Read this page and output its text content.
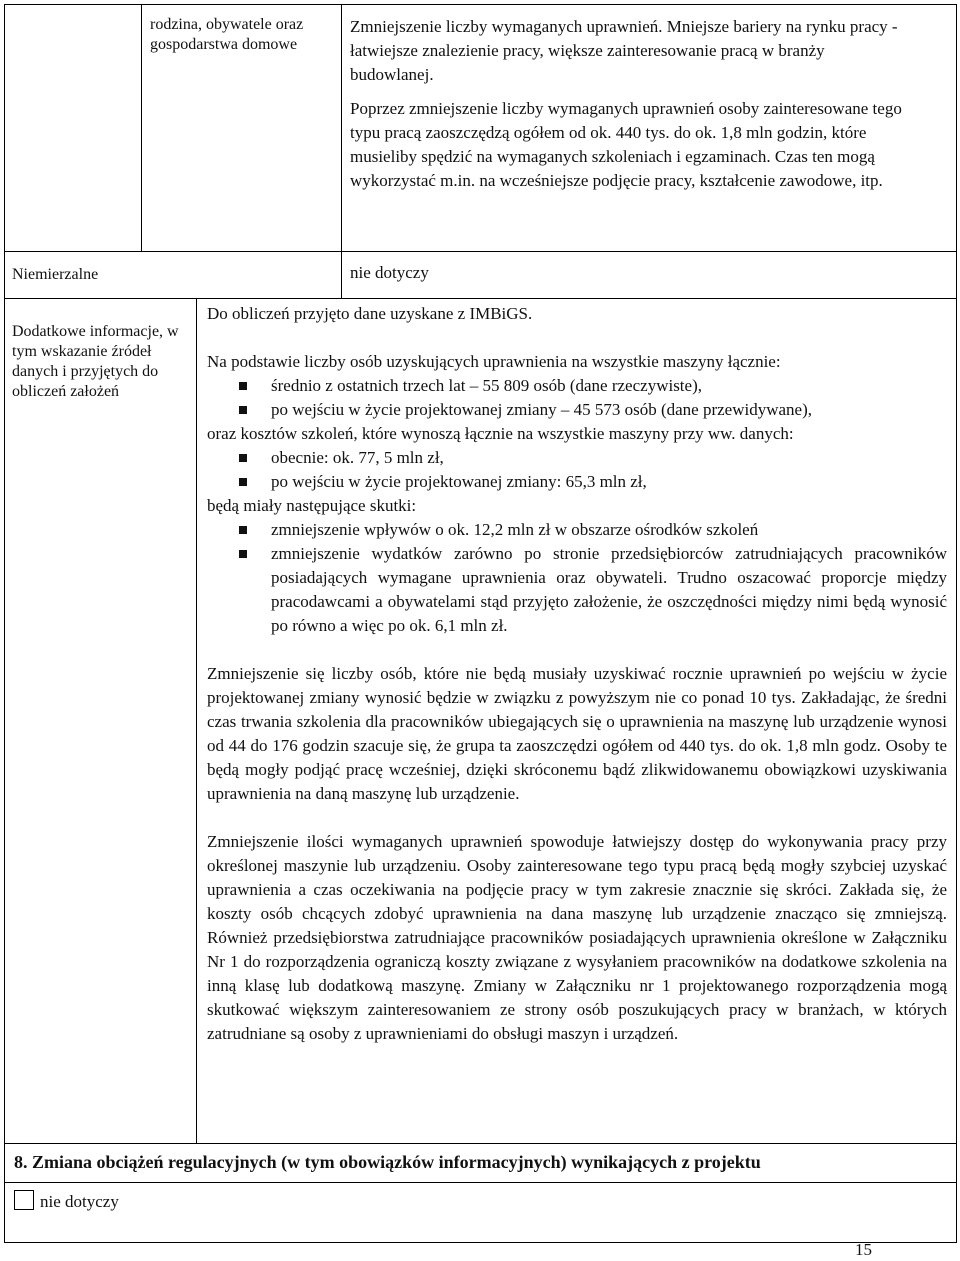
rodzina, obywatele oraz gospodarstwa domowe

Zmniejszenie liczby wymaganych uprawnień. Mniejsze bariery na rynku pracy - łatwiejsze znalezienie pracy, większe zainteresowanie pracą w branży budowlanej.

Poprzez zmniejszenie liczby wymaganych uprawnień osoby zainteresowane tego typu pracą zaoszczędzą ogółem od ok. 440 tys. do ok. 1,8 mln godzin, które musieliby spędzić na wymaganych szkoleniach i egzaminach. Czas ten mogą wykorzystać m.in. na wcześniejsze podjęcie pracy, kształcenie zawodowe, itp.

Niemierzalne	nie dotyczy
Dodatkowe informacje, w tym wskazanie źródeł danych i przyjętych do obliczeń założeń

Do obliczeń przyjęto dane uzyskane z IMBiGS.

Na podstawie liczby osób uzyskujących uprawnienia na wszystkie maszyny łącznie:

średnio z ostatnich trzech lat – 55 809 osób (dane rzeczywiste),
po wejściu w życie projektowanej zmiany – 45 573 osób (dane przewidywane),

oraz kosztów szkoleń, które wynoszą łącznie na wszystkie maszyny przy ww. danych:

obecnie: ok. 77, 5 mln zł,
po wejściu w życie projektowanej zmiany: 65,3 mln zł,

będą miały następujące skutki:

zmniejszenie wpływów o ok. 12,2 mln zł w obszarze ośrodków szkoleń
zmniejszenie wydatków zarówno po stronie przedsiębiorców zatrudniających pracowników posiadających wymagane uprawnienia oraz obywateli. Trudno oszacować proporcje między pracodawcami a obywatelami stąd przyjęto założenie, że oszczędności między nimi będą wynosić po równo a więc po ok. 6,1 mln zł.

Zmniejszenie się liczby osób, które nie będą musiały uzyskiwać rocznie uprawnień po wejściu w życie projektowanej zmiany wynosić będzie w związku z powyższym nie co ponad 10 tys. Zakładając, że średni czas trwania szkolenia dla pracowników ubiegających się o uprawnienia na maszynę lub urządzenie wynosi od 44 do 176 godzin szacuje się, że grupa ta zaoszczędzi ogółem od 440 tys. do ok. 1,8 mln godz. Osoby te będą mogły podjąć pracę wcześniej, dzięki skróconemu bądź zlikwidowanemu obowiązkowi uzyskiwania uprawnienia na daną maszynę lub urządzenie.

Zmniejszenie ilości wymaganych uprawnień spowoduje łatwiejszy dostęp do wykonywania pracy przy określonej maszynie lub urządzeniu. Osoby zainteresowane tego typu pracą będą mogły szybciej uzyskać uprawnienia a czas oczekiwania na podjęcie pracy w tym zakresie znacznie się skróci. Zakłada się, że koszty osób chcących zdobyć uprawnienia na dana maszynę lub urządzenie znacząco się zmniejszą. Również przedsiębiorstwa zatrudniające pracowników posiadających uprawnienia określone w Załączniku Nr 1 do rozporządzenia ograniczą koszty związane z wysyłaniem pracowników na dodatkowe szkolenia na inną klasę lub dodatkową maszynę. Zmiany w Załączniku nr 1 projektowanego rozporządzenia mogą skutkować większym zainteresowaniem ze strony osób poszukujących pracy w branżach, w których zatrudniane są osoby z uprawnieniami do obsługi maszyn i urządzeń.

8. Zmiana obciążeń regulacyjnych (w tym obowiązków informacyjnych) wynikających z projektu
nie dotyczy
15
